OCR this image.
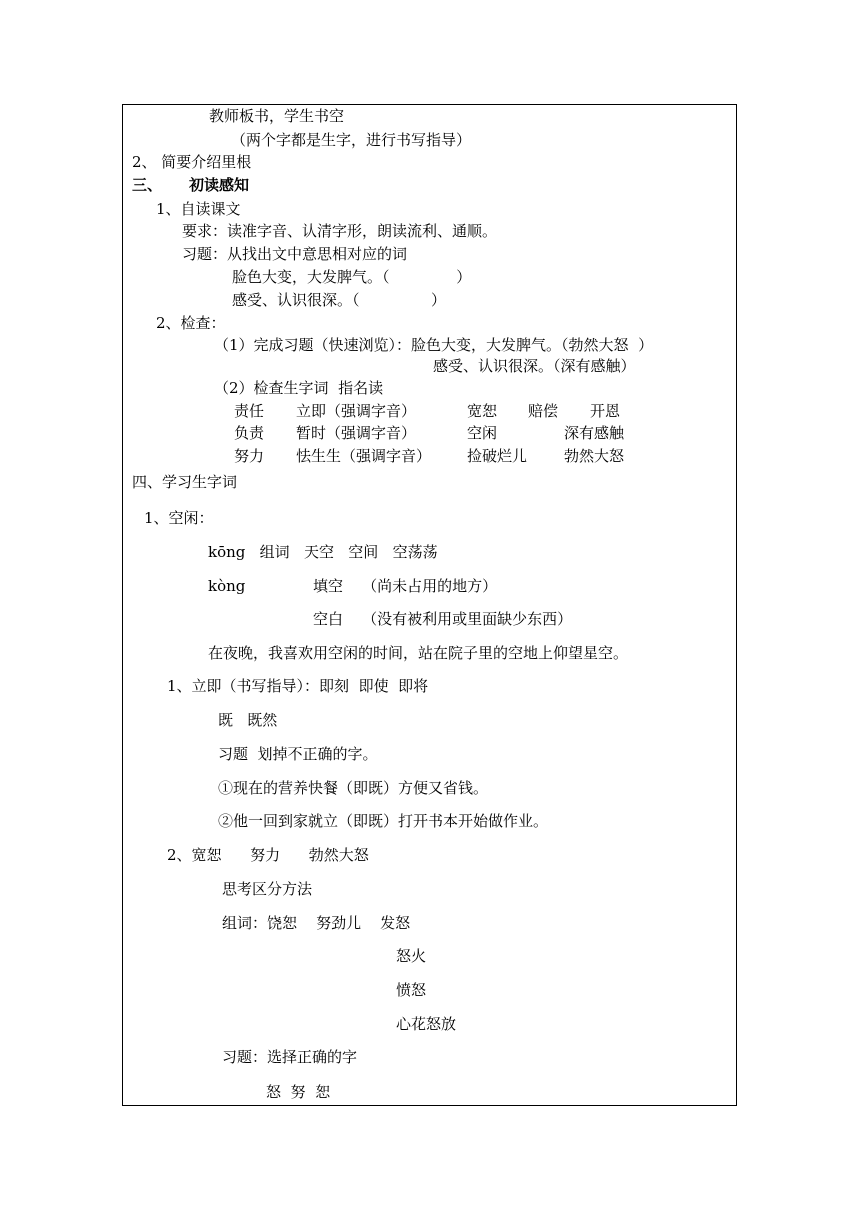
教师板书，学生书空
（两个字都是生字，进行书写指导）
2、 简要介绍里根
三、 初读感知
1、自读课文
要求：读准字音、认清字形，朗读流利、通顺。
习题：从找出文中意思相对应的词
脸色大变，大发脾气。（              ）
感受、认识很深。（               ）
2、检查：
（1）完成习题（快速浏览）：脸色大变，大发脾气。（勃然大怒  ）
感受、认识很深。（深有感触）
（2）检查生字词  指名读
责任 立即（强调字音）	宽恕 赔偿 开恩
负责 暂时（强调字音）	空闲	深有感触
努力 怯生生（强调字音） 捡破烂儿 勃然大怒
四、学习生字词
1、空闲：
kōng   组词   天空   空间   空荡荡
kòng	填空    （尚未占用的地方）
空白    （没有被利用或里面缺少东西）
在夜晚，我喜欢用空闲的时间，站在院子里的空地上仰望星空。
1、立即（书写指导）：即刻  即使  即将
既   既然
习题  划掉不正确的字。
①现在的营养快餐（即既）方便又省钱。
②他一回到家就立（即既）打开书本开始做作业。
2、宽恕      努力      勃然大怒
思考区分方法
组词：饶恕    努劲儿    发怒
怒火
愤怒
心花怒放
习题：选择正确的字
怒  努  恕
